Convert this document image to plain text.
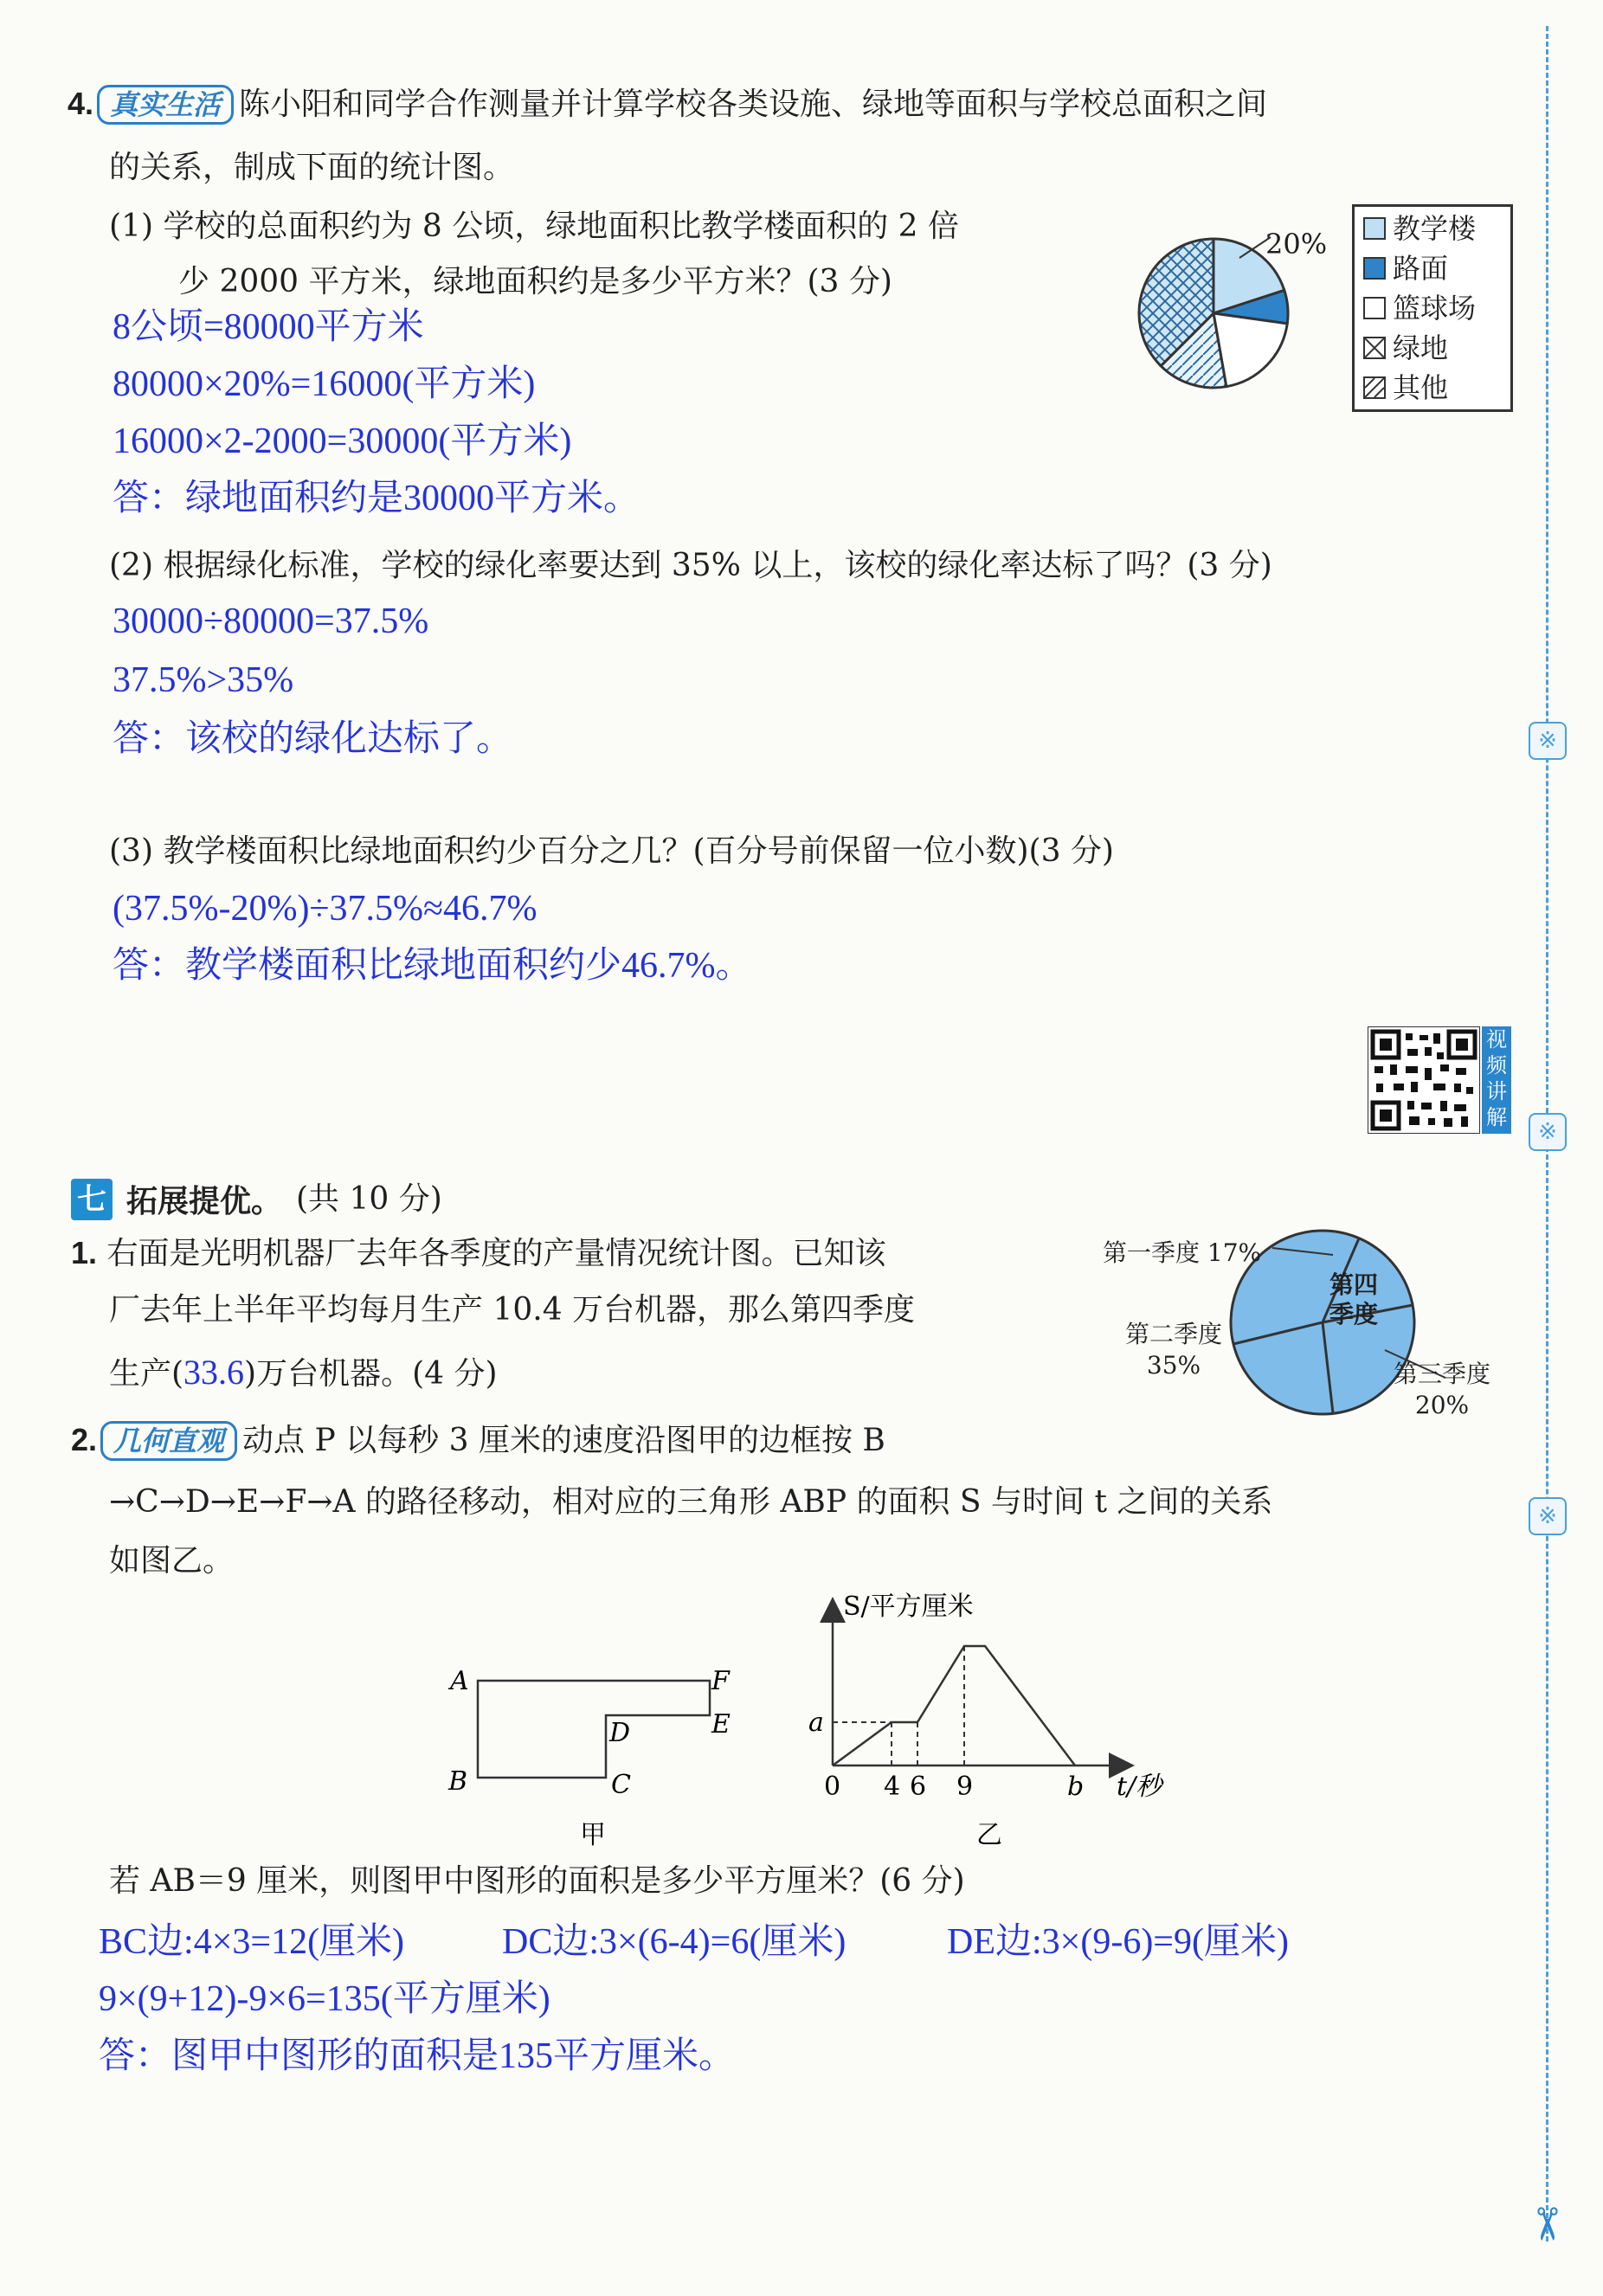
4. 真实生活 陈小阳和同学合作测量并计算学校各类设施、绿地等面积与学校总面积之间
的关系，制成下面的统计图。
(1) 学校的总面积约为 8 公顷，绿地面积比教学楼面积的 2 倍
少 2000 平方米，绿地面积约是多少平方米？(3 分)
8公顷=80000平方米
80000×20%=16000(平方米)
16000×2-2000=30000(平方米)
答：绿地面积约是30000平方米。
20% 教学楼
路面
篮球场
绿地
其他
(2) 根据绿化标准，学校的绿化率要达到 35% 以上，该校的绿化率达标了吗？(3 分)
30000÷80000=37.5%
37.5%>35%
答：该校的绿化达标了。
(3) 教学楼面积比绿地面积约少百分之几？(百分号前保留一位小数)(3 分)
(37.5%-20%)÷37.5%≈46.7%
答：教学楼面积比绿地面积约少46.7%。
视
频
讲
解
七 拓展提优。 (共 10 分)
1. 右面是光明机器厂去年各季度的产量情况统计图。已知该
厂去年上半年平均每月生产 10.4 万台机器，那么第四季度
生产(33.6)万台机器。(4 分)
第一季度 17%
第四
季度
第二季度
35%	第三季度
20%
2. 几何直观 动点 P 以每秒 3 厘米的速度沿图甲的边框按 B
→C→D→E→F→A 的路径移动，相对应的三角形 ABP 的面积 S 与时间 t 之间的关系
如图乙。
A
B	C
D	E
F
甲
S/平方厘米
a
0 4 6 9	b t/秒
乙
若 AB＝9 厘米，则图甲中图形的面积是多少平方厘米？(6 分)
BC边:4×3=12(厘米)	DC边:3×(6-4)=6(厘米)	DE边:3×(9-6)=9(厘米)
9×(9+12)-9×6=135(平方厘米)
答：图甲中图形的面积是135平方厘米。
※
※
※
✂
